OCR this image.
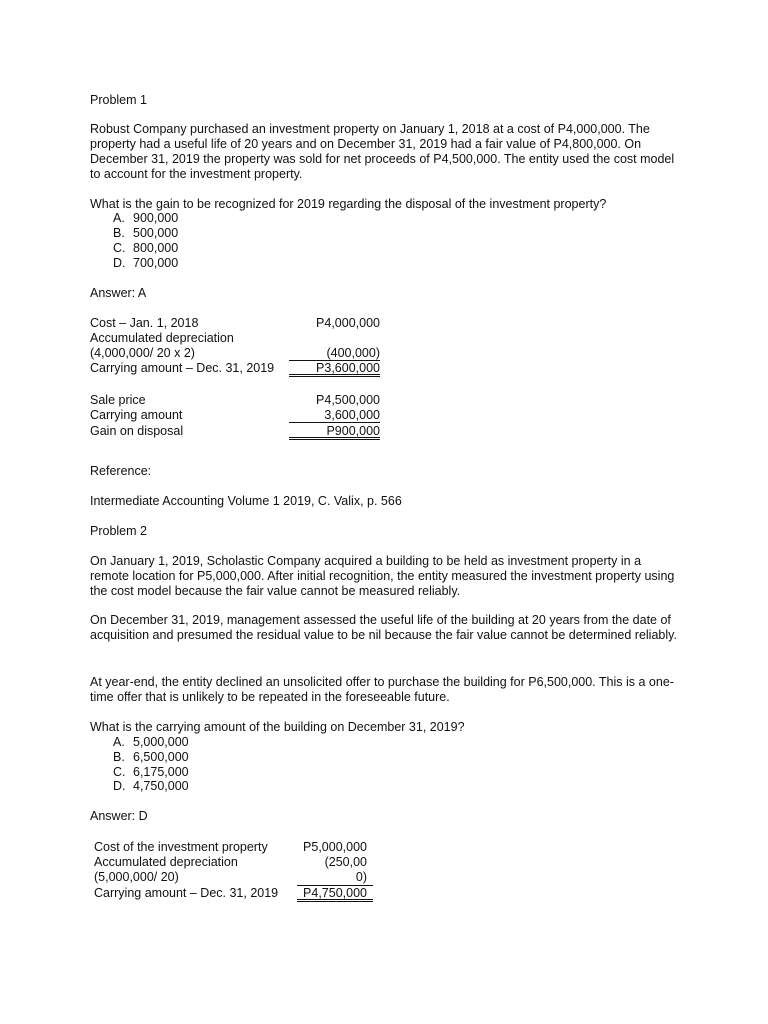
Problem 1
Robust Company purchased an investment property on January 1, 2018 at a cost of P4,000,000. The property had a useful life of 20 years and on December 31, 2019 had a fair value of P4,800,000. On December 31, 2019 the property was sold for net proceeds of P4,500,000. The entity used the cost model to account for the investment property.
What is the gain to be recognized for 2019 regarding the disposal of the investment property?
A. 900,000
B. 500,000
C. 800,000
D. 700,000
Answer: A
Cost – Jan. 1, 2018	P4,000,000
Accumulated depreciation
(4,000,000/ 20 x 2)	(400,000)
Carrying amount – Dec. 31, 2019	P3,600,000
Sale price	P4,500,000
Carrying amount	3,600,000
Gain on disposal	P900,000
Reference:
Intermediate Accounting Volume 1 2019, C. Valix, p. 566
Problem 2
On January 1, 2019, Scholastic Company acquired a building to be held as investment property in a remote location for P5,000,000. After initial recognition, the entity measured the investment property using the cost model because the fair value cannot be measured reliably.
On December 31, 2019, management assessed the useful life of the building at 20 years from the date of acquisition and presumed the residual value to be nil because the fair value cannot be determined reliably.
At year-end, the entity declined an unsolicited offer to purchase the building for P6,500,000. This is a one-time offer that is unlikely to be repeated in the foreseeable future.
What is the carrying amount of the building on December 31, 2019?
A. 5,000,000
B. 6,500,000
C. 6,175,000
D. 4,750,000
Answer: D
Cost of the investment property	P5,000,000
Accumulated depreciation	(250,00
(5,000,000/ 20)	0)
Carrying amount – Dec. 31, 2019 P4,750,000
